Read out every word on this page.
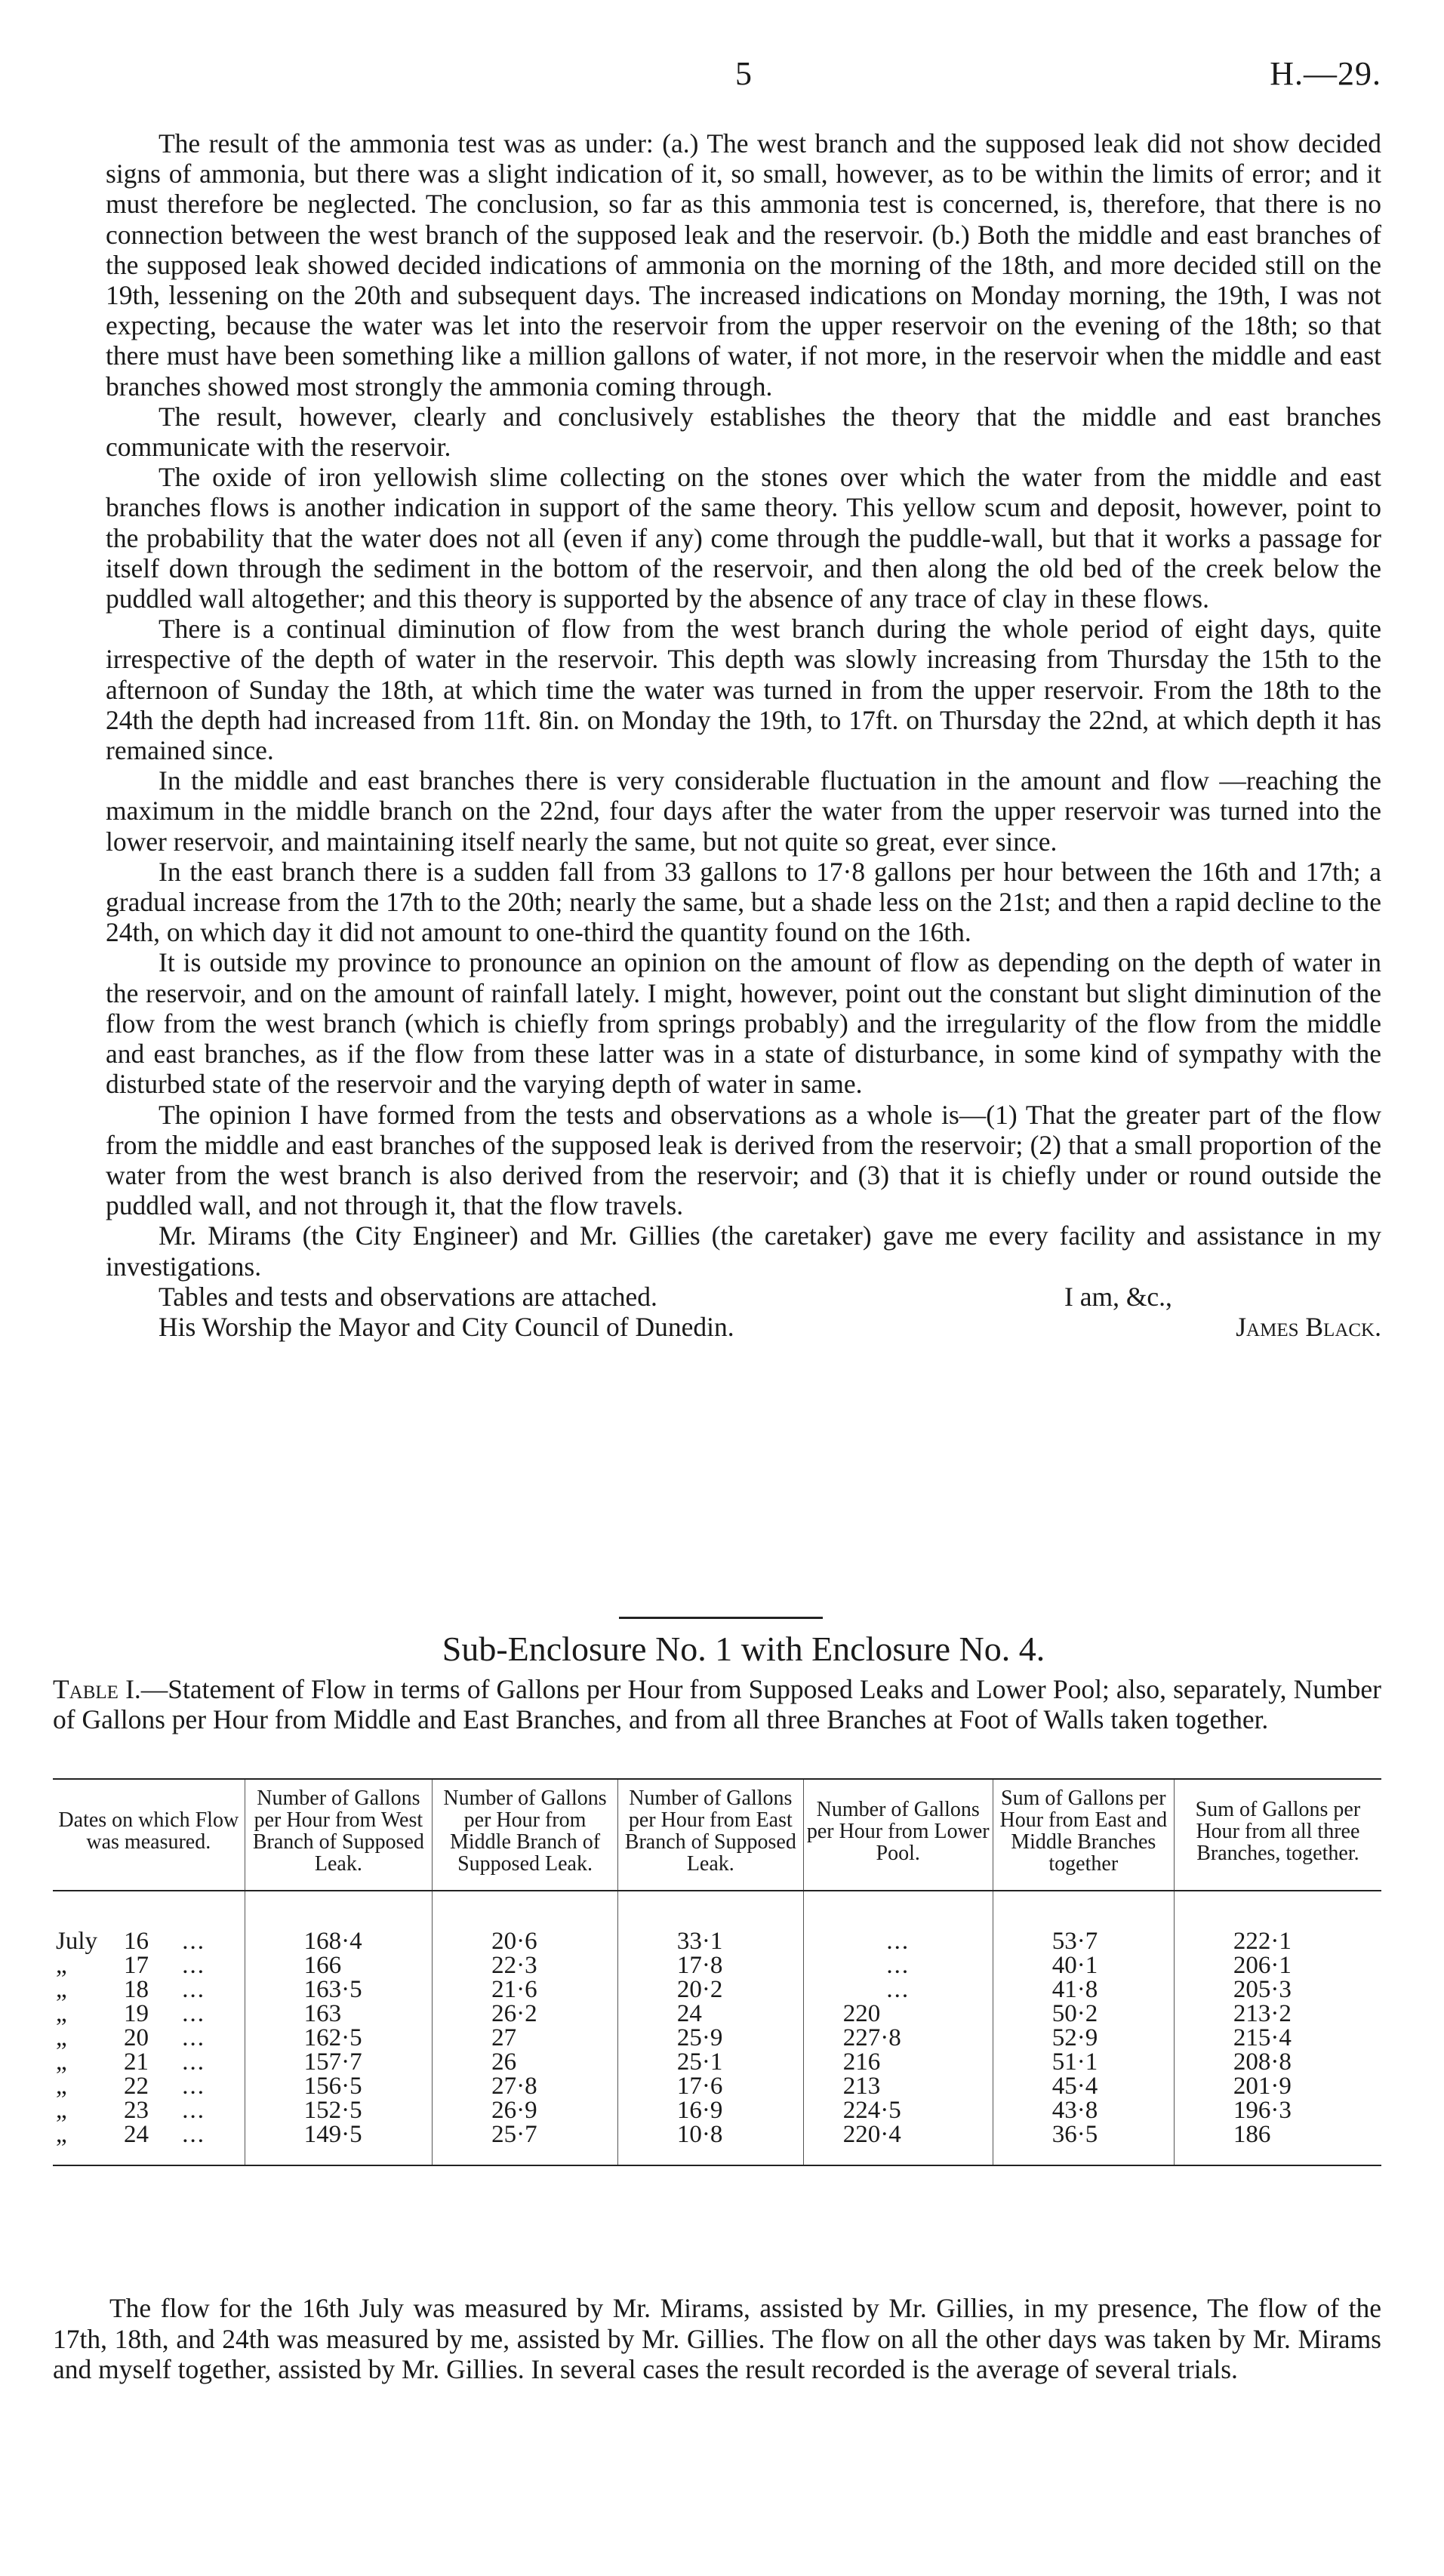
5	H.—29.

The result of the ammonia test was as under: (a.) The west branch and the supposed leak did not show decided signs of ammonia, but there was a slight indication of it, so small, however, as to be within the limits of error; and it must therefore be neglected. The conclusion, so far as this ammonia test is concerned, is, therefore, that there is no connection between the west branch of the supposed leak and the reservoir. (b.) Both the middle and east branches of the supposed leak showed decided indications of ammonia on the morning of the 18th, and more decided still on the 19th, lessening on the 20th and subsequent days. The increased indications on Monday morning, the 19th, I was not expecting, because the water was let into the reservoir from the upper reservoir on the evening of the 18th; so that there must have been something like a million gallons of water, if not more, in the reservoir when the middle and east branches showed most strongly the ammonia coming through.

The result, however, clearly and conclusively establishes the theory that the middle and east branches communicate with the reservoir.

The oxide of iron yellowish slime collecting on the stones over which the water from the middle and east branches flows is another indication in support of the same theory. This yellow scum and deposit, however, point to the probability that the water does not all (even if any) come through the puddle-wall, but that it works a passage for itself down through the sediment in the bottom of the reservoir, and then along the old bed of the creek below the puddled wall altogether; and this theory is supported by the absence of any trace of clay in these flows.

There is a continual diminution of flow from the west branch during the whole period of eight days, quite irrespective of the depth of water in the reservoir. This depth was slowly increasing from Thursday the 15th to the afternoon of Sunday the 18th, at which time the water was turned in from the upper reservoir. From the 18th to the 24th the depth had increased from 11ft. 8in. on Monday the 19th, to 17ft. on Thursday the 22nd, at which depth it has remained since.

In the middle and east branches there is very considerable fluctuation in the amount and flow —reaching the maximum in the middle branch on the 22nd, four days after the water from the upper reservoir was turned into the lower reservoir, and maintaining itself nearly the same, but not quite so great, ever since.

In the east branch there is a sudden fall from 33 gallons to 17·8 gallons per hour between the 16th and 17th; a gradual increase from the 17th to the 20th; nearly the same, but a shade less on the 21st; and then a rapid decline to the 24th, on which day it did not amount to one-third the quantity found on the 16th.

It is outside my province to pronounce an opinion on the amount of flow as depending on the depth of water in the reservoir, and on the amount of rainfall lately. I might, however, point out the constant but slight diminution of the flow from the west branch (which is chiefly from springs probably) and the irregularity of the flow from the middle and east branches, as if the flow from these latter was in a state of disturbance, in some kind of sympathy with the disturbed state of the reservoir and the varying depth of water in same.

The opinion I have formed from the tests and observations as a whole is—(1) That the greater part of the flow from the middle and east branches of the supposed leak is derived from the reservoir; (2) that a small proportion of the water from the west branch is also derived from the reservoir; and (3) that it is chiefly under or round outside the puddled wall, and not through it, that the flow travels.

Mr. Mirams (the City Engineer) and Mr. Gillies (the caretaker) gave me every facility and assistance in my investigations.

Tables and tests and observations are attached.	I am, &c.,
His Worship the Mayor and City Council of Dunedin.	James Black.
Sub-Enclosure No. 1 with Enclosure No. 4.
Table I.—Statement of Flow in terms of Gallons per Hour from Supposed Leaks and Lower Pool; also, separately, Number of Gallons per Hour from Middle and East Branches, and from all three Branches at Foot of Walls taken together.
Dates on which Flow was measured.	Number of Gallons per Hour from West Branch of Supposed Leak.	Number of Gallons per Hour from Middle Branch of Supposed Leak.	Number of Gallons per Hour from East Branch of Supposed Leak.	Number of Gallons per Hour from Lower Pool.	Sum of Gallons per Hour from East and Middle Branches together	Sum of Gallons per Hour from all three Branches, together.

July 16 ...	168·4	20·6	33·1	...	53·7	222·1
„ 17 ...	166	22·3	17·8	...	40·1	206·1
„ 18 ...	163·5	21·6	20·2	...	41·8	205·3
„ 19 ...	163	26·2	24	220	50·2	213·2
„ 20 ...	162·5	27	25·9	227·8	52·9	215·4
„ 21 ...	157·7	26	25·1	216	51·1	208·8
„ 22 ...	156·5	27·8	17·6	213	45·4	201·9
„ 23 ...	152·5	26·9	16·9	224·5	43·8	196·3
„ 24 ...	149·5	25·7	10·8	220·4	36·5	186
The flow for the 16th July was measured by Mr. Mirams, assisted by Mr. Gillies, in my presence, The flow of the 17th, 18th, and 24th was measured by me, assisted by Mr. Gillies. The flow on all the other days was taken by Mr. Mirams and myself together, assisted by Mr. Gillies. In several cases the result recorded is the average of several trials.
